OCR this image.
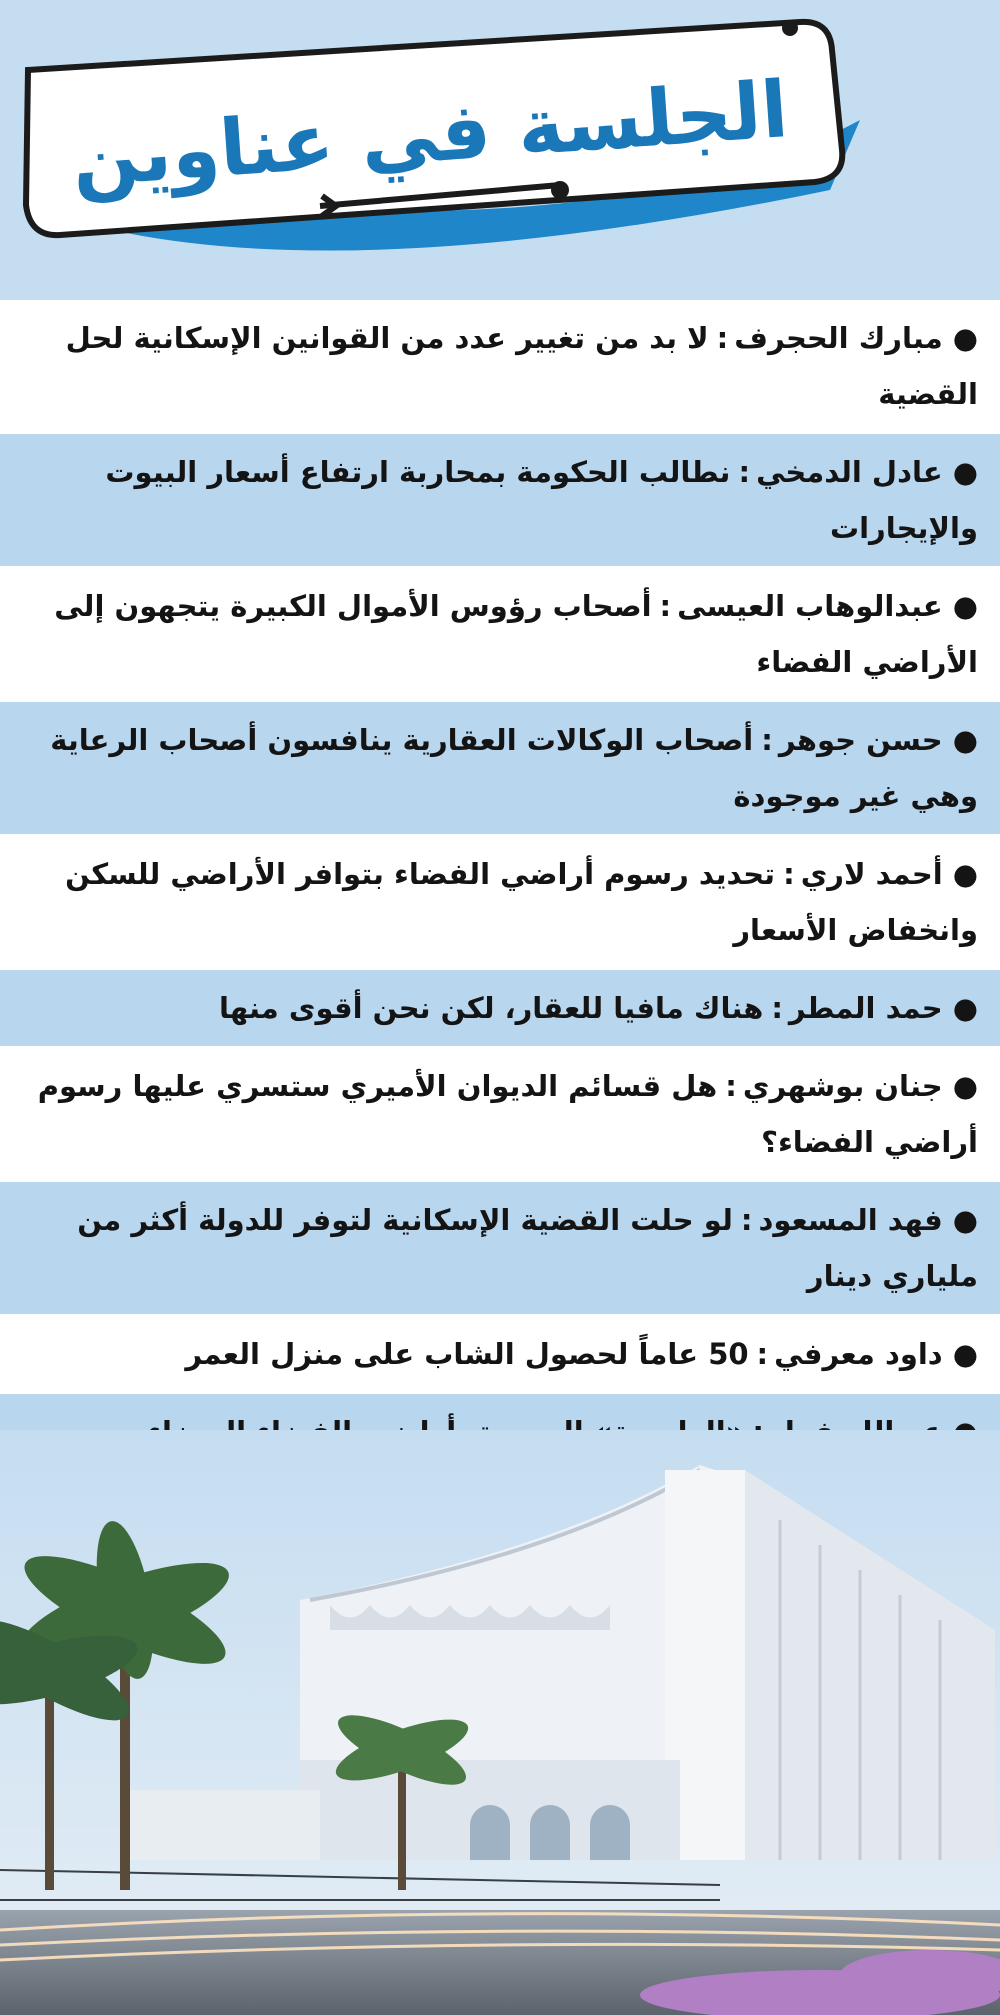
الجلسة في عناوين
●مبارك الحجرف:لا بد من تغيير عدد من القوانين الإسكانية لحل القضية
●عادل الدمخي:نطالب الحكومة بمحاربة ارتفاع أسعار البيوت والإيجارات
●عبدالوهاب العيسى:أصحاب رؤوس الأموال الكبيرة يتجهون إلى الأراضي الفضاء
●حسن جوهر:أصحاب الوكالات العقارية ينافسون أصحاب الرعاية وهي غير موجودة
●أحمد لاري:تحديد رسوم أراضي الفضاء بتوافر الأراضي للسكن وانخفاض الأسعار
●حمد المطر:هناك مافيا للعقار، لكن نحن أقوى منها
●جنان بوشهري:هل قسائم الديوان الأميري ستسري عليها رسوم أراضي الفضاء؟
●فهد المسعود:لو حلت القضية الإسكانية لتوفر للدولة أكثر من ملياري دينار
●داود معرفي:50 عاماً لحصول الشاب على منزل العمر
